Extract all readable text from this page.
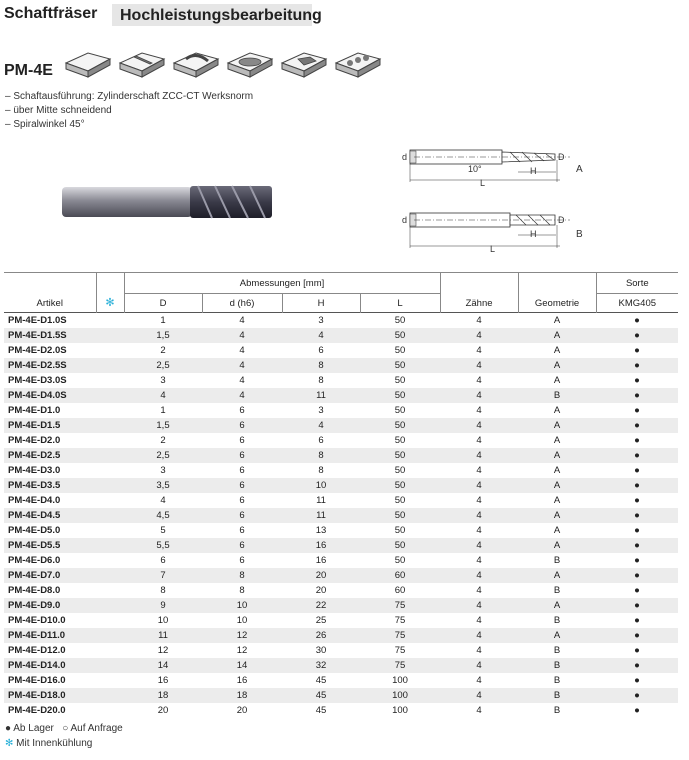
Schaftfräser Hochleistungsbearbeitung
PM-4E
– Schaftausführung: Zylinderschaft ZCC-CT Werksnorm
– über Mitte schneidend
– Spiralwinkel 45°
d	D
10°	H
L
A
d	D
H
L
B
Artikel	✻	Abmessungen [mm]				Zähne	Geometrie	Sorte
		D	d (h6)	H	L			KMG405
PM-4E-D1.0S		1	4	3	50	4	A	●
PM-4E-D1.5S		1,5	4	4	50	4	A	●
PM-4E-D2.0S		2	4	6	50	4	A	●
PM-4E-D2.5S		2,5	4	8	50	4	A	●
PM-4E-D3.0S		3	4	8	50	4	A	●
PM-4E-D4.0S		4	4	11	50	4	B	●
PM-4E-D1.0		1	6	3	50	4	A	●
PM-4E-D1.5		1,5	6	4	50	4	A	●
PM-4E-D2.0		2	6	6	50	4	A	●
PM-4E-D2.5		2,5	6	8	50	4	A	●
PM-4E-D3.0		3	6	8	50	4	A	●
PM-4E-D3.5		3,5	6	10	50	4	A	●
PM-4E-D4.0		4	6	11	50	4	A	●
PM-4E-D4.5		4,5	6	11	50	4	A	●
PM-4E-D5.0		5	6	13	50	4	A	●
PM-4E-D5.5		5,5	6	16	50	4	A	●
PM-4E-D6.0		6	6	16	50	4	B	●
PM-4E-D7.0		7	8	20	60	4	A	●
PM-4E-D8.0		8	8	20	60	4	B	●
PM-4E-D9.0		9	10	22	75	4	A	●
PM-4E-D10.0		10	10	25	75	4	B	●
PM-4E-D11.0		11	12	26	75	4	A	●
PM-4E-D12.0		12	12	30	75	4	B	●
PM-4E-D14.0		14	14	32	75	4	B	●
PM-4E-D16.0		16	16	45	100	4	B	●
PM-4E-D18.0		18	18	45	100	4	B	●
PM-4E-D20.0		20	20	45	100	4	B	●
● Ab Lager ○ Auf Anfrage
✻ Mit Innenkühlung
